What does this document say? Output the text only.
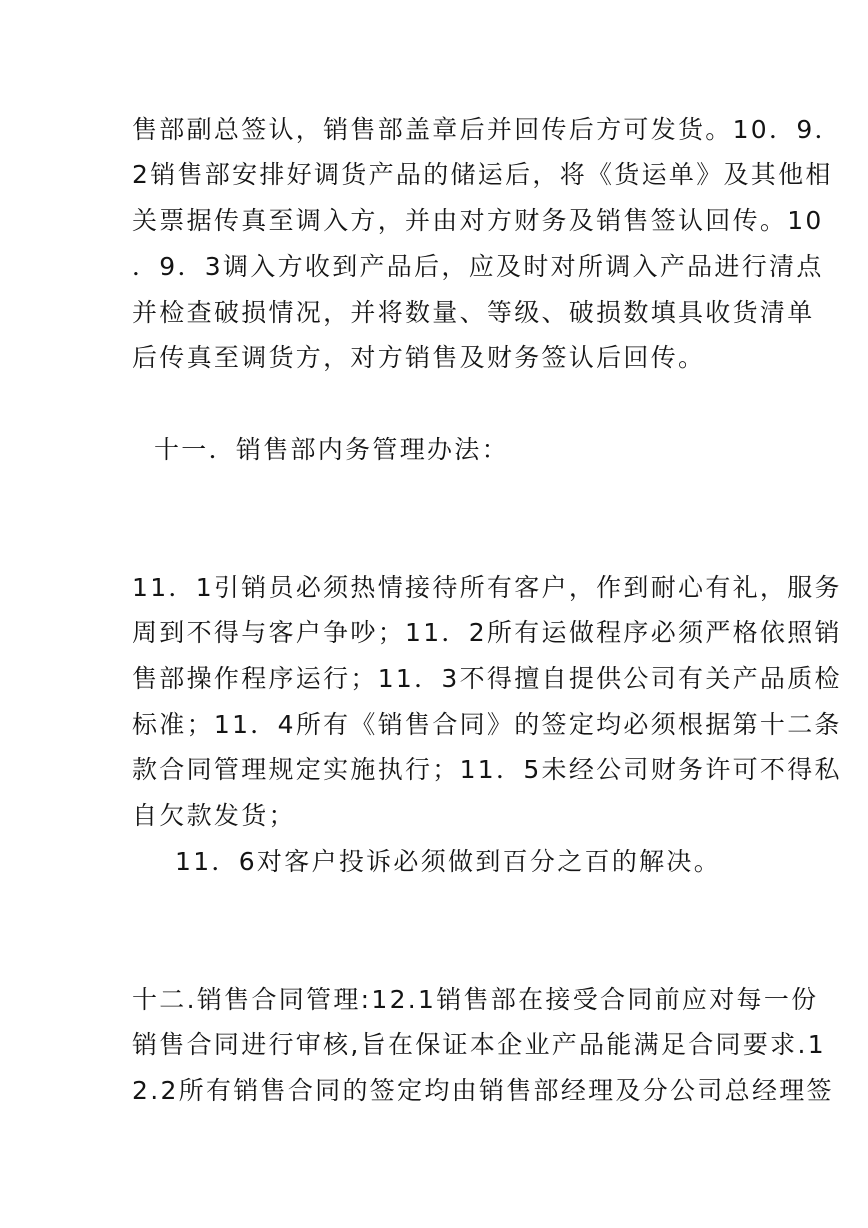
售部副总签认，销售部盖章后并回传后方可发货。10．9．
2销售部安排好调货产品的储运后，将《货运单》及其他相
关票据传真至调入方，并由对方财务及销售签认回传。10
．9．3调入方收到产品后，应及时对所调入产品进行清点
并检查破损情况，并将数量、等级、破损数填具收货清单
后传真至调货方，对方销售及财务签认后回传。
十一．销售部内务管理办法：
11．1引销员必须热情接待所有客户，作到耐心有礼，服务
周到不得与客户争吵；11．2所有运做程序必须严格依照销
售部操作程序运行；11．3不得擅自提供公司有关产品质检
标准；11．4所有《销售合同》的签定均必须根据第十二条
款合同管理规定实施执行；11．5未经公司财务许可不得私
自欠款发货；
11．6对客户投诉必须做到百分之百的解决。
十二.销售合同管理:12.1销售部在接受合同前应对每一份
销售合同进行审核,旨在保证本企业产品能满足合同要求.1
2.2所有销售合同的签定均由销售部经理及分公司总经理签
